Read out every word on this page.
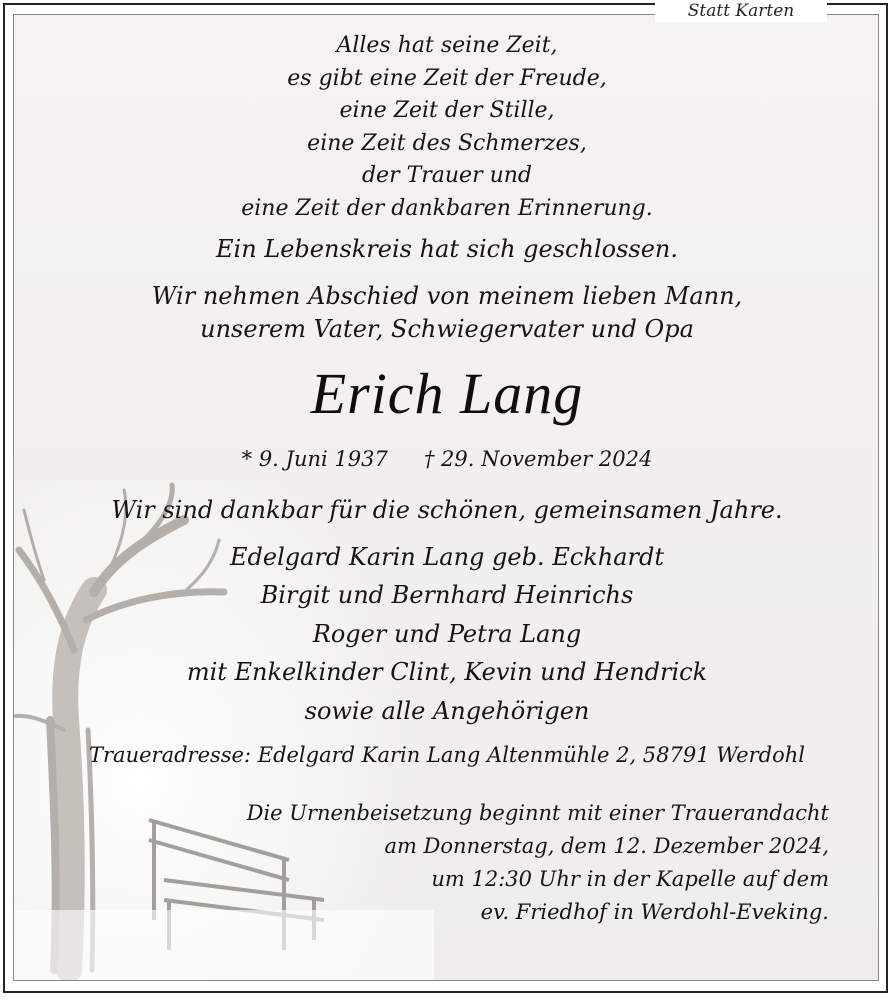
Statt Karten
Alles hat seine Zeit,
es gibt eine Zeit der Freude,
eine Zeit der Stille,
eine Zeit des Schmerzes,
der Trauer und
eine Zeit der dankbaren Erinnerung.
Ein Lebenskreis hat sich geschlossen.
Wir nehmen Abschied von meinem lieben Mann,
unserem Vater, Schwiegervater und Opa
Erich Lang
* 9. Juni 1937 † 29. November 2024
Wir sind dankbar für die schönen, gemeinsamen Jahre.
Edelgard Karin Lang geb. Eckhardt
Birgit und Bernhard Heinrichs
Roger und Petra Lang
mit Enkelkinder Clint, Kevin und Hendrick
sowie alle Angehörigen
Traueradresse: Edelgard Karin Lang Altenmühle 2, 58791 Werdohl
Die Urnenbeisetzung beginnt mit einer Trauerandacht
am Donnerstag, dem 12. Dezember 2024,
um 12:30 Uhr in der Kapelle auf dem
ev. Friedhof in Werdohl-Eveking.
